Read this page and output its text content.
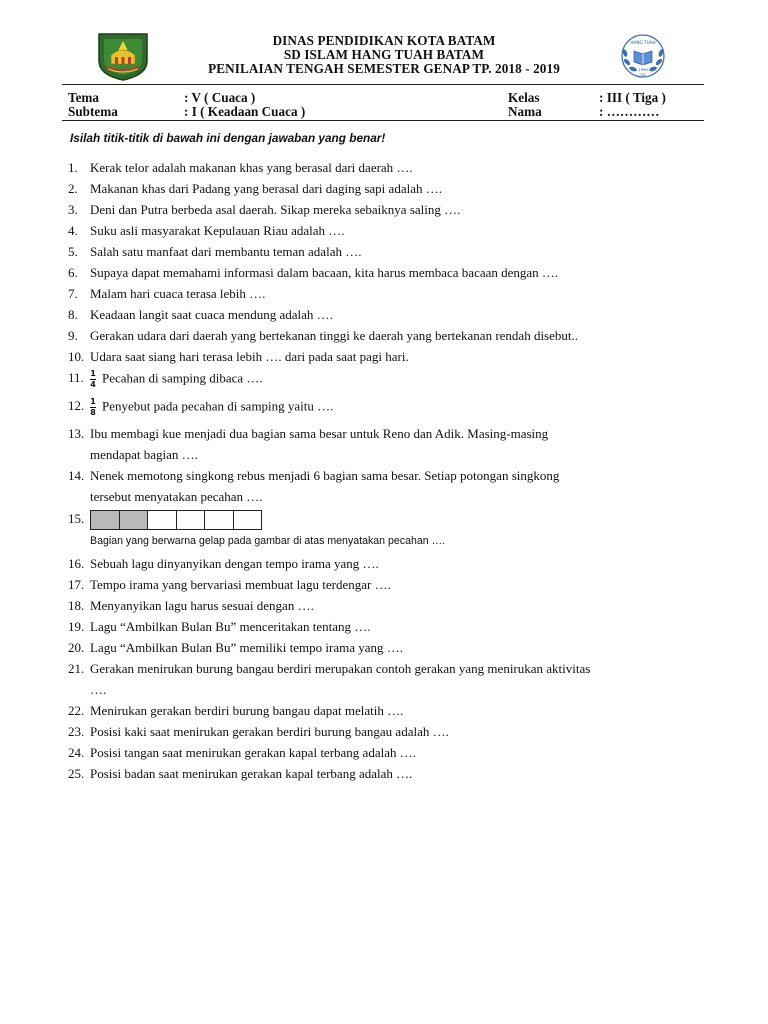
DINAS PENDIDIKAN KOTA BATAM
SD ISLAM HANG TUAH BATAM
PENILAIAN TENGAH SEMESTER GENAP TP. 2018 - 2019
HANG TUAH
1996
SD
Tema	: V ( Cuaca )
Subtema	: I ( Keadaan Cuaca )
Kelas	: III ( Tiga )
Nama	: …………
Isilah titik-titik di bawah ini dengan jawaban yang benar!
1. Kerak telor adalah makanan khas yang berasal dari daerah ….
2. Makanan khas dari Padang yang berasal dari daging sapi adalah ….
3. Deni dan Putra berbeda asal daerah. Sikap mereka sebaiknya saling ….
4. Suku asli masyarakat Kepulauan Riau adalah ….
5. Salah satu manfaat dari membantu teman adalah ….
6. Supaya dapat memahami informasi dalam bacaan, kita harus membaca bacaan dengan ….
7. Malam hari cuaca terasa lebih ….
8. Keadaan langit saat cuaca mendung adalah ….
9. Gerakan udara dari daerah yang bertekanan tinggi ke daerah yang bertekanan rendah disebut..
10. Udara saat siang hari terasa lebih …. dari pada saat pagi hari.
11. $\frac{1}{4}$ Pecahan di samping dibaca ….
12. $\frac{1}{8}$ Penyebut pada pecahan di samping yaitu ….
13. Ibu membagi kue menjadi dua bagian sama besar untuk Reno dan Adik. Masing-masing
mendapat bagian ….
14. Nenek memotong singkong rebus menjadi 6 bagian sama besar. Setiap potongan singkong
tersebut menyatakan pecahan ….
15.
Bagian yang berwarna gelap pada gambar di atas menyatakan pecahan ….
16. Sebuah lagu dinyanyikan dengan tempo irama yang ….
17. Tempo irama yang bervariasi membuat lagu terdengar ….
18. Menyanyikan lagu harus sesuai dengan ….
19. Lagu “Ambilkan Bulan Bu” menceritakan tentang ….
20. Lagu “Ambilkan Bulan Bu” memiliki tempo irama yang ….
21. Gerakan menirukan burung bangau berdiri merupakan contoh gerakan yang menirukan aktivitas
….
22. Menirukan gerakan berdiri burung bangau dapat melatih ….
23. Posisi kaki saat menirukan gerakan berdiri burung bangau adalah ….
24. Posisi tangan saat menirukan gerakan kapal terbang adalah ….
25. Posisi badan saat menirukan gerakan kapal terbang adalah ….
